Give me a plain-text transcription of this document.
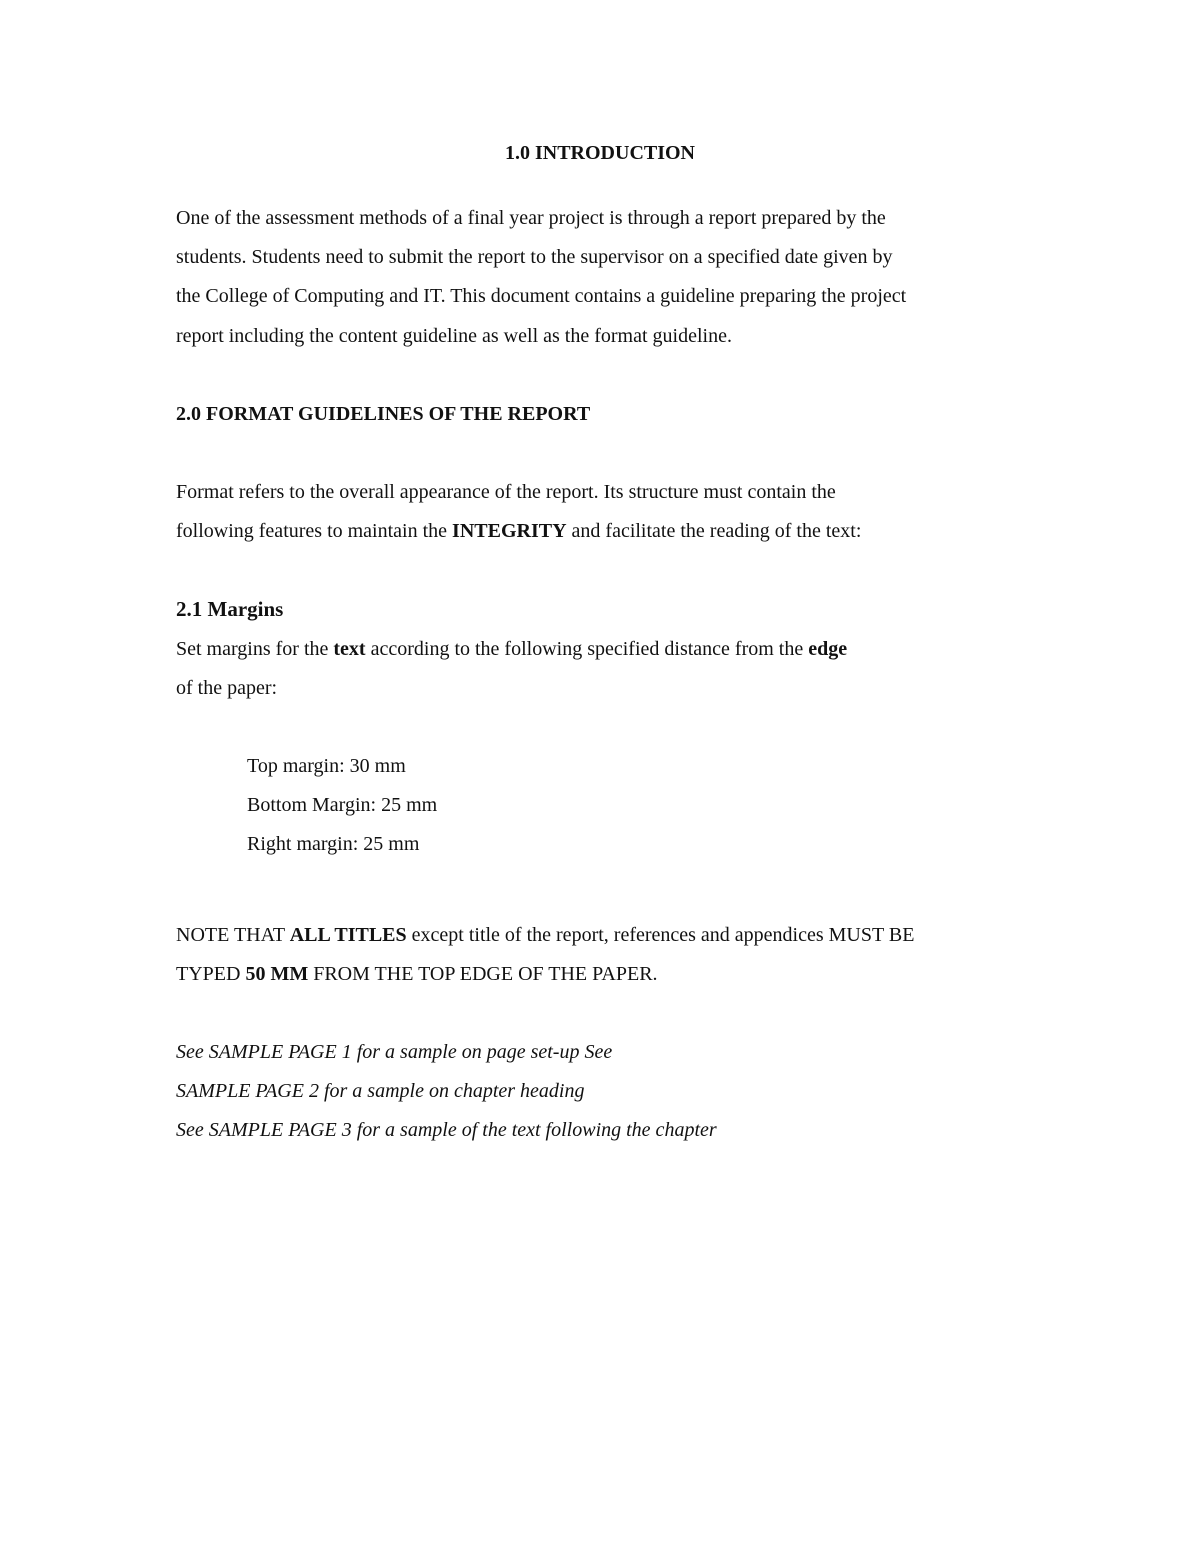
1.0 INTRODUCTION
One of the assessment methods of a final year project is through a report prepared by the
students. Students need to submit the report to the supervisor on a specified date given by
the College of Computing and IT. This document contains a guideline preparing the project
report including the content guideline as well as the format guideline.
2.0 FORMAT GUIDELINES OF THE REPORT
Format refers to the overall appearance of the report. Its structure must contain the
following features to maintain the INTEGRITY and facilitate the reading of the text:
2.1 Margins
Set margins for the text according to the following specified distance from the edge
of the paper:
Top margin: 30 mm
Bottom Margin: 25 mm
Right margin: 25 mm
NOTE THAT ALL TITLES except title of the report, references and appendices MUST BE
TYPED 50 MM FROM THE TOP EDGE OF THE PAPER.
See SAMPLE PAGE 1 for a sample on page set-up See
SAMPLE PAGE 2 for a sample on chapter heading
See SAMPLE PAGE 3 for a sample of the text following the chapter
